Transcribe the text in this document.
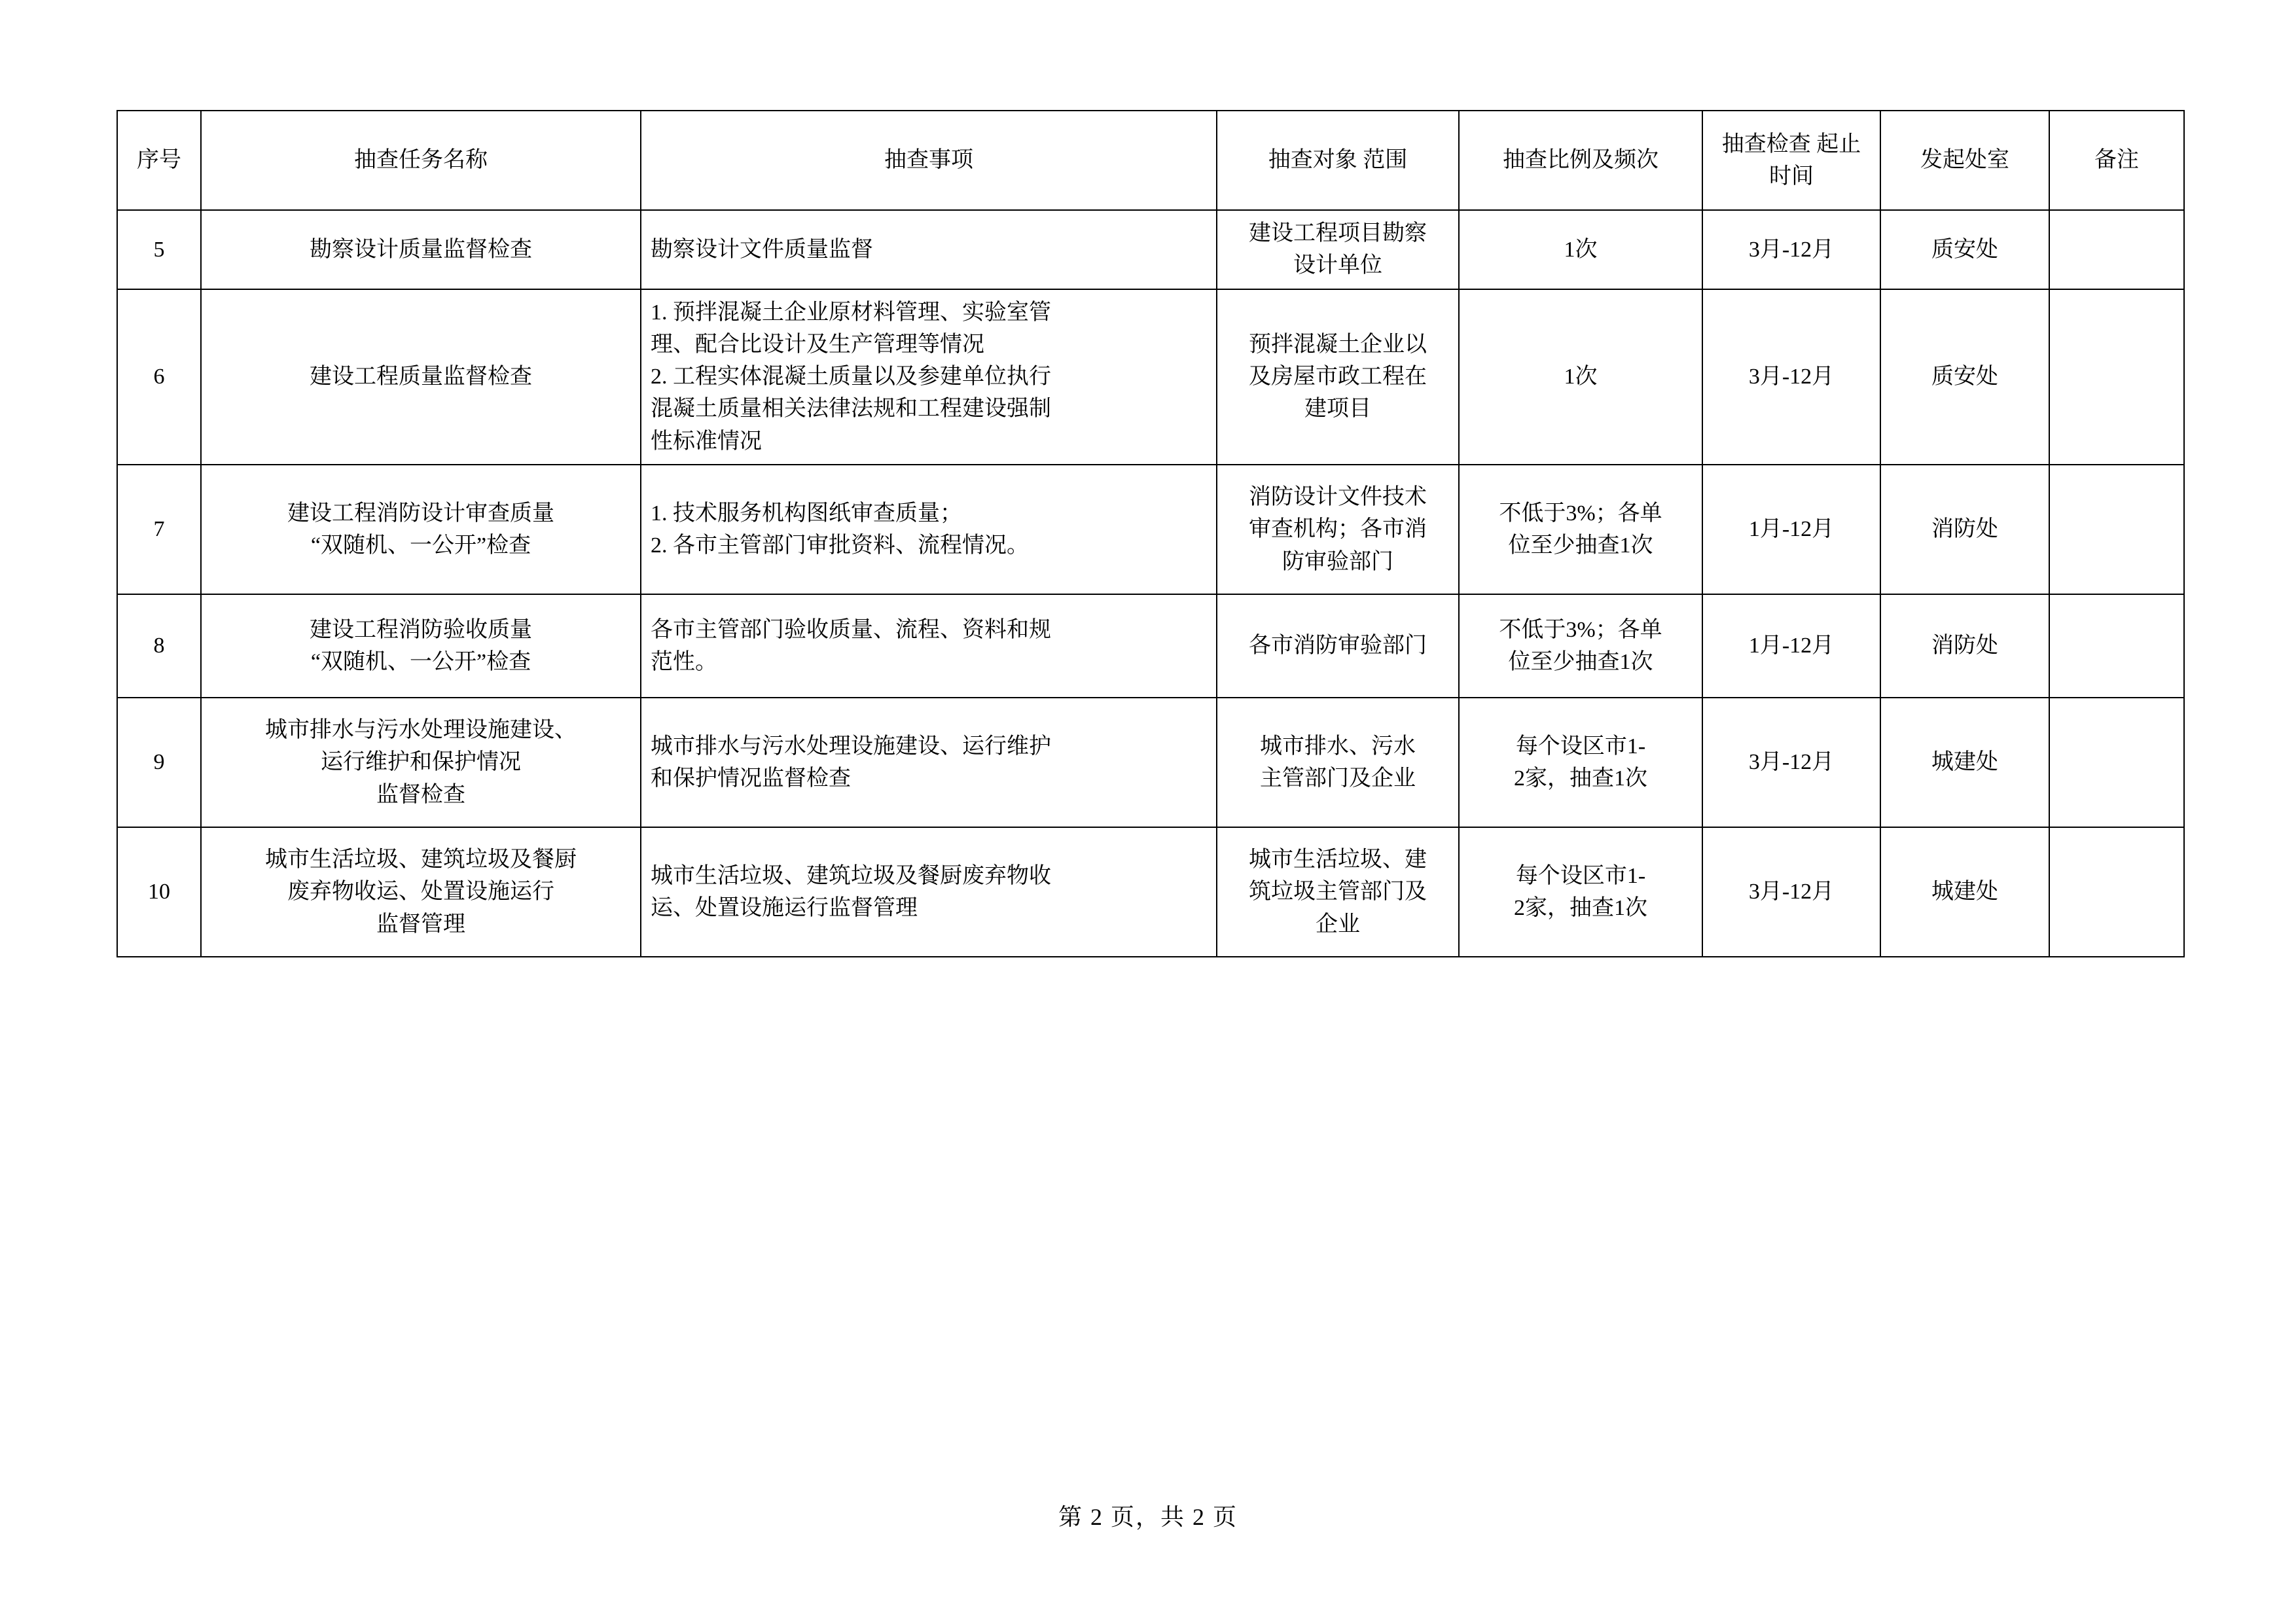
序号	抽查任务名称	抽查事项	抽查对象 范围	抽查比例及频次	抽查检查 起止时间	发起处室	备注
5	勘察设计质量监督检查	勘察设计文件质量监督	建设工程项目勘察
设计单位	1次	3月-12月	质安处	

6	建设工程质量监督检查	1. 预拌混凝土企业原材料管理、实验室管
理、配合比设计及生产管理等情况
2. 工程实体混凝土质量以及参建单位执行
混凝土质量相关法律法规和工程建设强制
性标准情况	预拌混凝土企业以
及房屋市政工程在
建项目	1次	3月-12月	质安处	

7	建设工程消防设计审查质量
“双随机、一公开”检查	1. 技术服务机构图纸审查质量；
2. 各市主管部门审批资料、流程情况。	消防设计文件技术
审查机构；各市消
防审验部门	不低于3%；各单
位至少抽查1次	1月-12月	消防处	

8	建设工程消防验收质量
“双随机、一公开”检查	各市主管部门验收质量、流程、资料和规
范性。	各市消防审验部门	不低于3%；各单
位至少抽查1次	1月-12月	消防处	

9	城市排水与污水处理设施建设、
运行维护和保护情况
监督检查	城市排水与污水处理设施建设、运行维护
和保护情况监督检查	城市排水、污水
主管部门及企业	每个设区市1-
2家，抽查1次	3月-12月	城建处	

10	城市生活垃圾、建筑垃圾及餐厨
废弃物收运、处置设施运行
监督管理	城市生活垃圾、建筑垃圾及餐厨废弃物收
运、处置设施运行监督管理	城市生活垃圾、建
筑垃圾主管部门及
企业	每个设区市1-
2家，抽查1次	3月-12月	城建处	

第 2 页，共 2 页
